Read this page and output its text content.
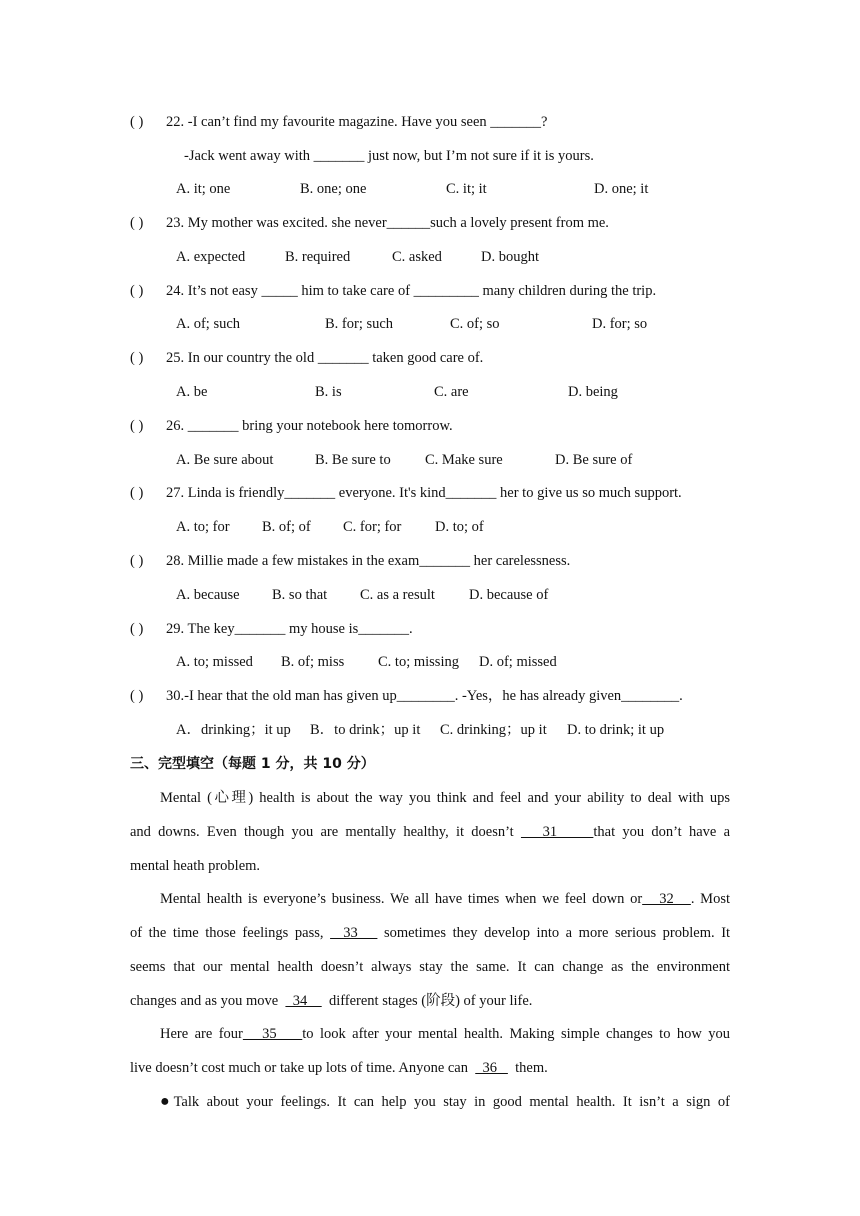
( ) 22. -I can’t find my favourite magazine. Have you seen _______?
-Jack went away with _______ just now, but I’m not sure if it is yours.
A. it; one	B. one; one	C. it; it	D. one; it
( ) 23. My mother was excited. she never______such a lovely present from me.
A. expected	B. required	C. asked	D. bought
( ) 24. It’s not easy _____ him to take care of _________ many children during the trip.
A. of; such	B. for; such	C. of; so	D. for; so
( ) 25. In our country the old _______ taken good care of.
A. be	B. is	C. are	D. being
( ) 26. _______ bring your notebook here tomorrow.
A. Be sure about	B. Be sure to C. Make sure	D. Be sure of
( ) 27. Linda is friendly_______ everyone. It's kind_______ her to give us so much support.
A. to; for B. of; of C. for; for D. to; of
( ) 28. Millie made a few mistakes in the exam_______ her carelessness.
A. because B. so that C. as a result D. because of
( ) 29. The key_______ my house is_______.
A. to; missed B. of; miss C. to; missing D. of; missed
( ) 30.-I hear that the old man has given up________. -Yes，he has already given________.
A．drinking；it up B．to drink；up it C. drinking；up it D. to drink; it up
三、完型填空（每题 1 分，共 10 分）
Mental (心理) health is about the way you think and feel and your ability to deal with ups
and downs. Even though you are mentally healthy, it doesn’t    31     that you don’t have a
mental heath problem.
Mental health is everyone’s business. We all have times when we feel down or   32   . Most
of the time those feelings pass,   33    sometimes they develop into a more serious problem. It
seems that our mental health doesn’t always stay the same. It can change as the environment
changes and as you move    34      different stages (阶段) of your life.
Here are four   35    to look after your mental health. Making simple changes to how you
live doesn’t cost much or take up lots of time. Anyone can    36     them.
●Talk about your feelings. It can help you stay in good mental health. It isn’t a sign of
